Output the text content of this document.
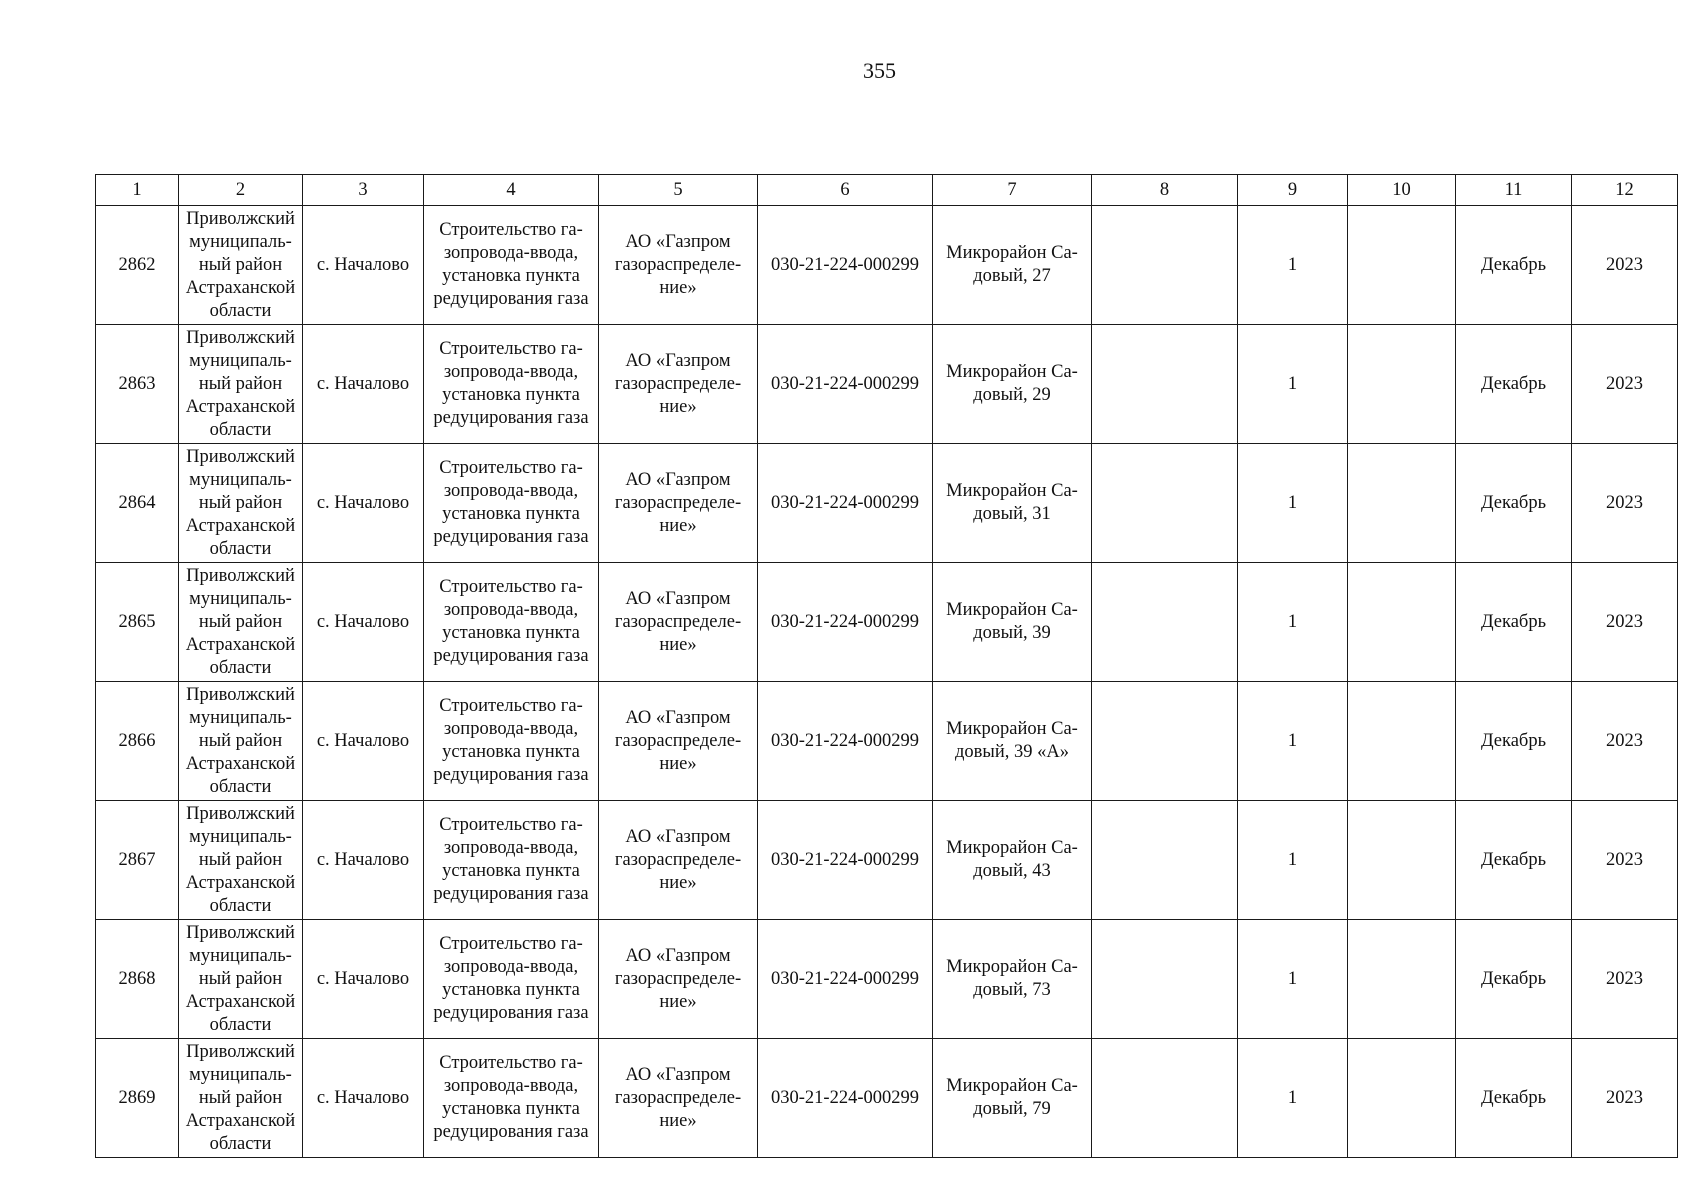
355
1	2	3	4	5	6	7	8	9	10	11	12

2862	Приволжский
муниципаль-
ный район
Астраханской
области	с. Началово	Строительство га-
зопровода-ввода,
установка пункта
редуцирования газа	АО «Газпром
газораспределе-
ние»	030-21-224-000299	Микрорайон Са-
довый, 27		1		Декабрь	2023

2863	Приволжский
муниципаль-
ный район
Астраханской
области	с. Началово	Строительство га-
зопровода-ввода,
установка пункта
редуцирования газа	АО «Газпром
газораспределе-
ние»	030-21-224-000299	Микрорайон Са-
довый, 29		1		Декабрь	2023

2864	Приволжский
муниципаль-
ный район
Астраханской
области	с. Началово	Строительство га-
зопровода-ввода,
установка пункта
редуцирования газа	АО «Газпром
газораспределе-
ние»	030-21-224-000299	Микрорайон Са-
довый, 31		1		Декабрь	2023

2865	Приволжский
муниципаль-
ный район
Астраханской
области	с. Началово	Строительство га-
зопровода-ввода,
установка пункта
редуцирования газа	АО «Газпром
газораспределе-
ние»	030-21-224-000299	Микрорайон Са-
довый, 39		1		Декабрь	2023

2866	Приволжский
муниципаль-
ный район
Астраханской
области	с. Началово	Строительство га-
зопровода-ввода,
установка пункта
редуцирования газа	АО «Газпром
газораспределе-
ние»	030-21-224-000299	Микрорайон Са-
довый, 39 «А»		1		Декабрь	2023

2867	Приволжский
муниципаль-
ный район
Астраханской
области	с. Началово	Строительство га-
зопровода-ввода,
установка пункта
редуцирования газа	АО «Газпром
газораспределе-
ние»	030-21-224-000299	Микрорайон Са-
довый, 43		1		Декабрь	2023

2868	Приволжский
муниципаль-
ный район
Астраханской
области	с. Началово	Строительство га-
зопровода-ввода,
установка пункта
редуцирования газа	АО «Газпром
газораспределе-
ние»	030-21-224-000299	Микрорайон Са-
довый, 73		1		Декабрь	2023

2869	Приволжский
муниципаль-
ный район
Астраханской
области	с. Началово	Строительство га-
зопровода-ввода,
установка пункта
редуцирования газа	АО «Газпром
газораспределе-
ние»	030-21-224-000299	Микрорайон Са-
довый, 79		1		Декабрь	2023
